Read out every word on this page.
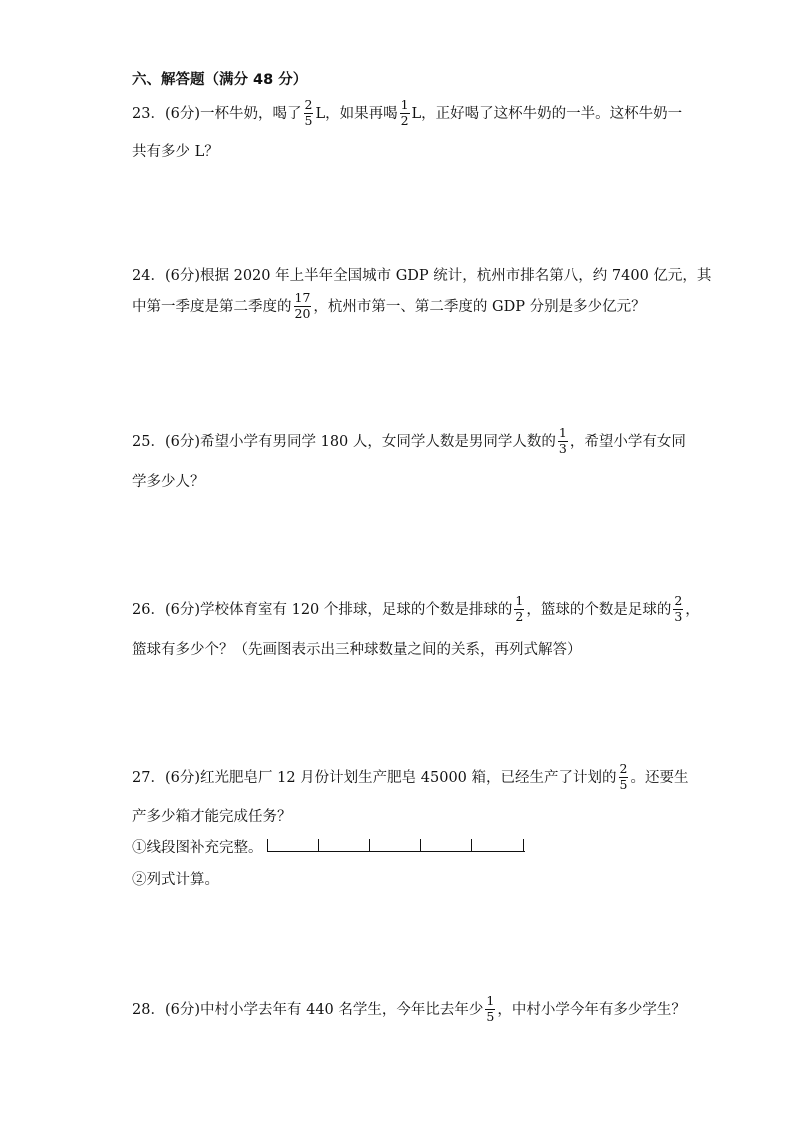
六、解答题（满分 48 分）
23．(6分)一杯牛奶，喝了 $\frac{2}{5}$ L，如果再喝 $\frac{1}{2}$ L，正好喝了这杯牛奶的一半。这杯牛奶一
共有多少 L？
24．(6分)根据 2020 年上半年全国城市 GDP 统计，杭州市排名第八，约 7400 亿元，其
中第一季度是第二季度的 $\frac{17}{20}$ ，杭州市第一、第二季度的 GDP 分别是多少亿元？
25．(6分)希望小学有男同学 180 人，女同学人数是男同学人数的 $\frac{1}{3}$ ，希望小学有女同
学多少人？
26．(6分)学校体育室有 120 个排球，足球的个数是排球的 $\frac{1}{2}$ ，篮球的个数是足球的 $\frac{2}{3}$ ，
篮球有多少个？（先画图表示出三种球数量之间的关系，再列式解答）
27．(6分)红光肥皂厂 12 月份计划生产肥皂 45000 箱，已经生产了计划的 $\frac{2}{5}$ 。还要生
产多少箱才能完成任务？
①线段图补充完整。
②列式计算。
28．(6分)中村小学去年有 440 名学生，今年比去年少 $\frac{1}{5}$ ，中村小学今年有多少学生？
